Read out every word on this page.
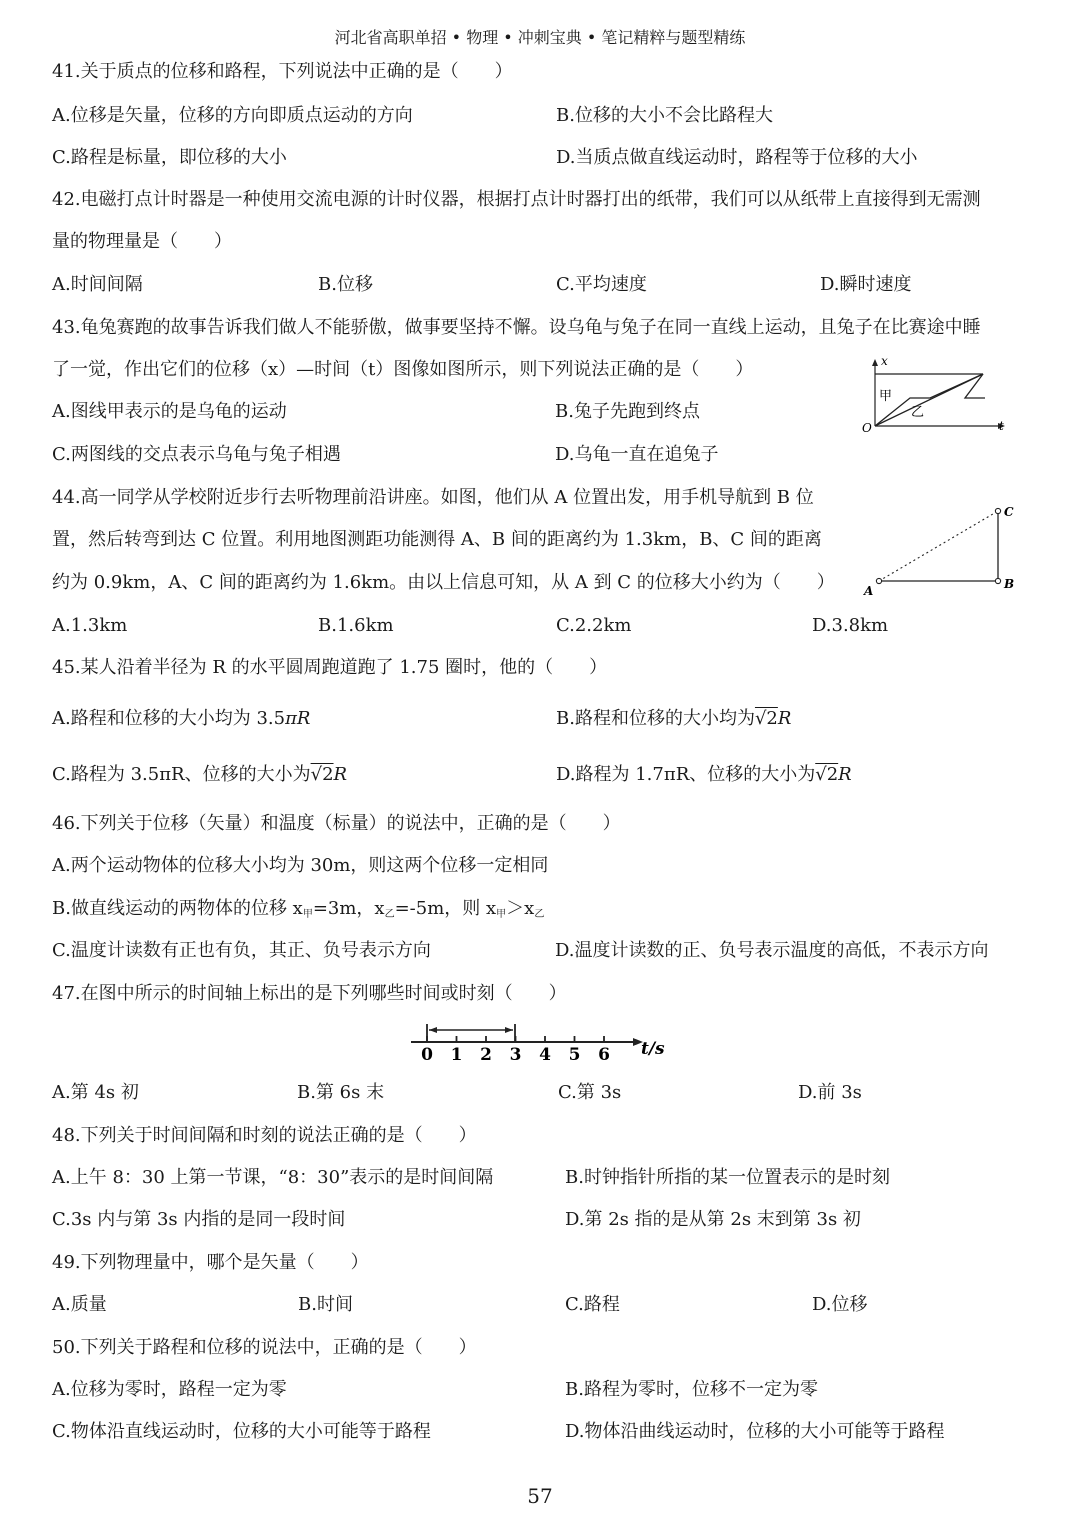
河北省高职单招 • 物理 • 冲刺宝典 • 笔记精粹与题型精练
41.关于质点的位移和路程，下列说法中正确的是（　　）
A.位移是矢量，位移的方向即质点运动的方向	B.位移的大小不会比路程大
C.路程是标量，即位移的大小	D.当质点做直线运动时，路程等于位移的大小
42.电磁打点计时器是一种使用交流电源的计时仪器，根据打点计时器打出的纸带，我们可以从纸带上直接得到无需测
量的物理量是（　　）
A.时间间隔	B.位移	C.平均速度	D.瞬时速度
43.龟兔赛跑的故事告诉我们做人不能骄傲，做事要坚持不懈。设乌龟与兔子在同一直线上运动，且兔子在比赛途中睡
了一觉，作出它们的位移（x）—时间（t）图像如图所示，则下列说法正确的是（　　）
A.图线甲表示的是乌龟的运动	B.兔子先跑到终点
C.两图线的交点表示乌龟与兔子相遇	D.乌龟一直在追兔子
x
t
O
甲
乙
44.高一同学从学校附近步行去听物理前沿讲座。如图，他们从 A 位置出发，用手机导航到 B 位
置，然后转弯到达 C 位置。利用地图测距功能测得 A、B 间的距离约为 1.3km，B、C 间的距离
约为 0.9km，A、C 间的距离约为 1.6km。由以上信息可知，从 A 到 C 的位移大小约为（　　）
A.1.3km	B.1.6km	C.2.2km	D.3.8km
A	B
C
45.某人沿着半径为 R 的水平圆周跑道跑了 1.75 圈时，他的（　　）
A.路程和位移的大小均为 3.5πR	B.路程和位移的大小均为√2R
C.路程为 3.5πR、位移的大小为√2R	D.路程为 1.7πR、位移的大小为√2R
46.下列关于位移（矢量）和温度（标量）的说法中，正确的是（　　）
A.两个运动物体的位移大小均为 30m，则这两个位移一定相同
B.做直线运动的两物体的位移 $x_甲=3m$，$x_乙=-5m$，则 $x_甲>x_乙$
C.温度计读数有正也有负，其正、负号表示方向	D.温度计读数的正、负号表示温度的高低，不表示方向
47.在图中所示的时间轴上标出的是下列哪些时间或时刻（　　）
0 1 2 3 4 5 6 t/s
A.第 4s 初	B.第 6s 末	C.第 3s	D.前 3s
48.下列关于时间间隔和时刻的说法正确的是（　　）
A.上午 8：30 上第一节课，“8：30”表示的是时间间隔	B.时钟指针所指的某一位置表示的是时刻
C.3s 内与第 3s 内指的是同一段时间	D.第 2s 指的是从第 2s 末到第 3s 初
49.下列物理量中，哪个是矢量（　　）
A.质量	B.时间	C.路程	D.位移
50.下列关于路程和位移的说法中，正确的是（　　）
A.位移为零时，路程一定为零	B.路程为零时，位移不一定为零
C.物体沿直线运动时，位移的大小可能等于路程	D.物体沿曲线运动时，位移的大小可能等于路程
57
